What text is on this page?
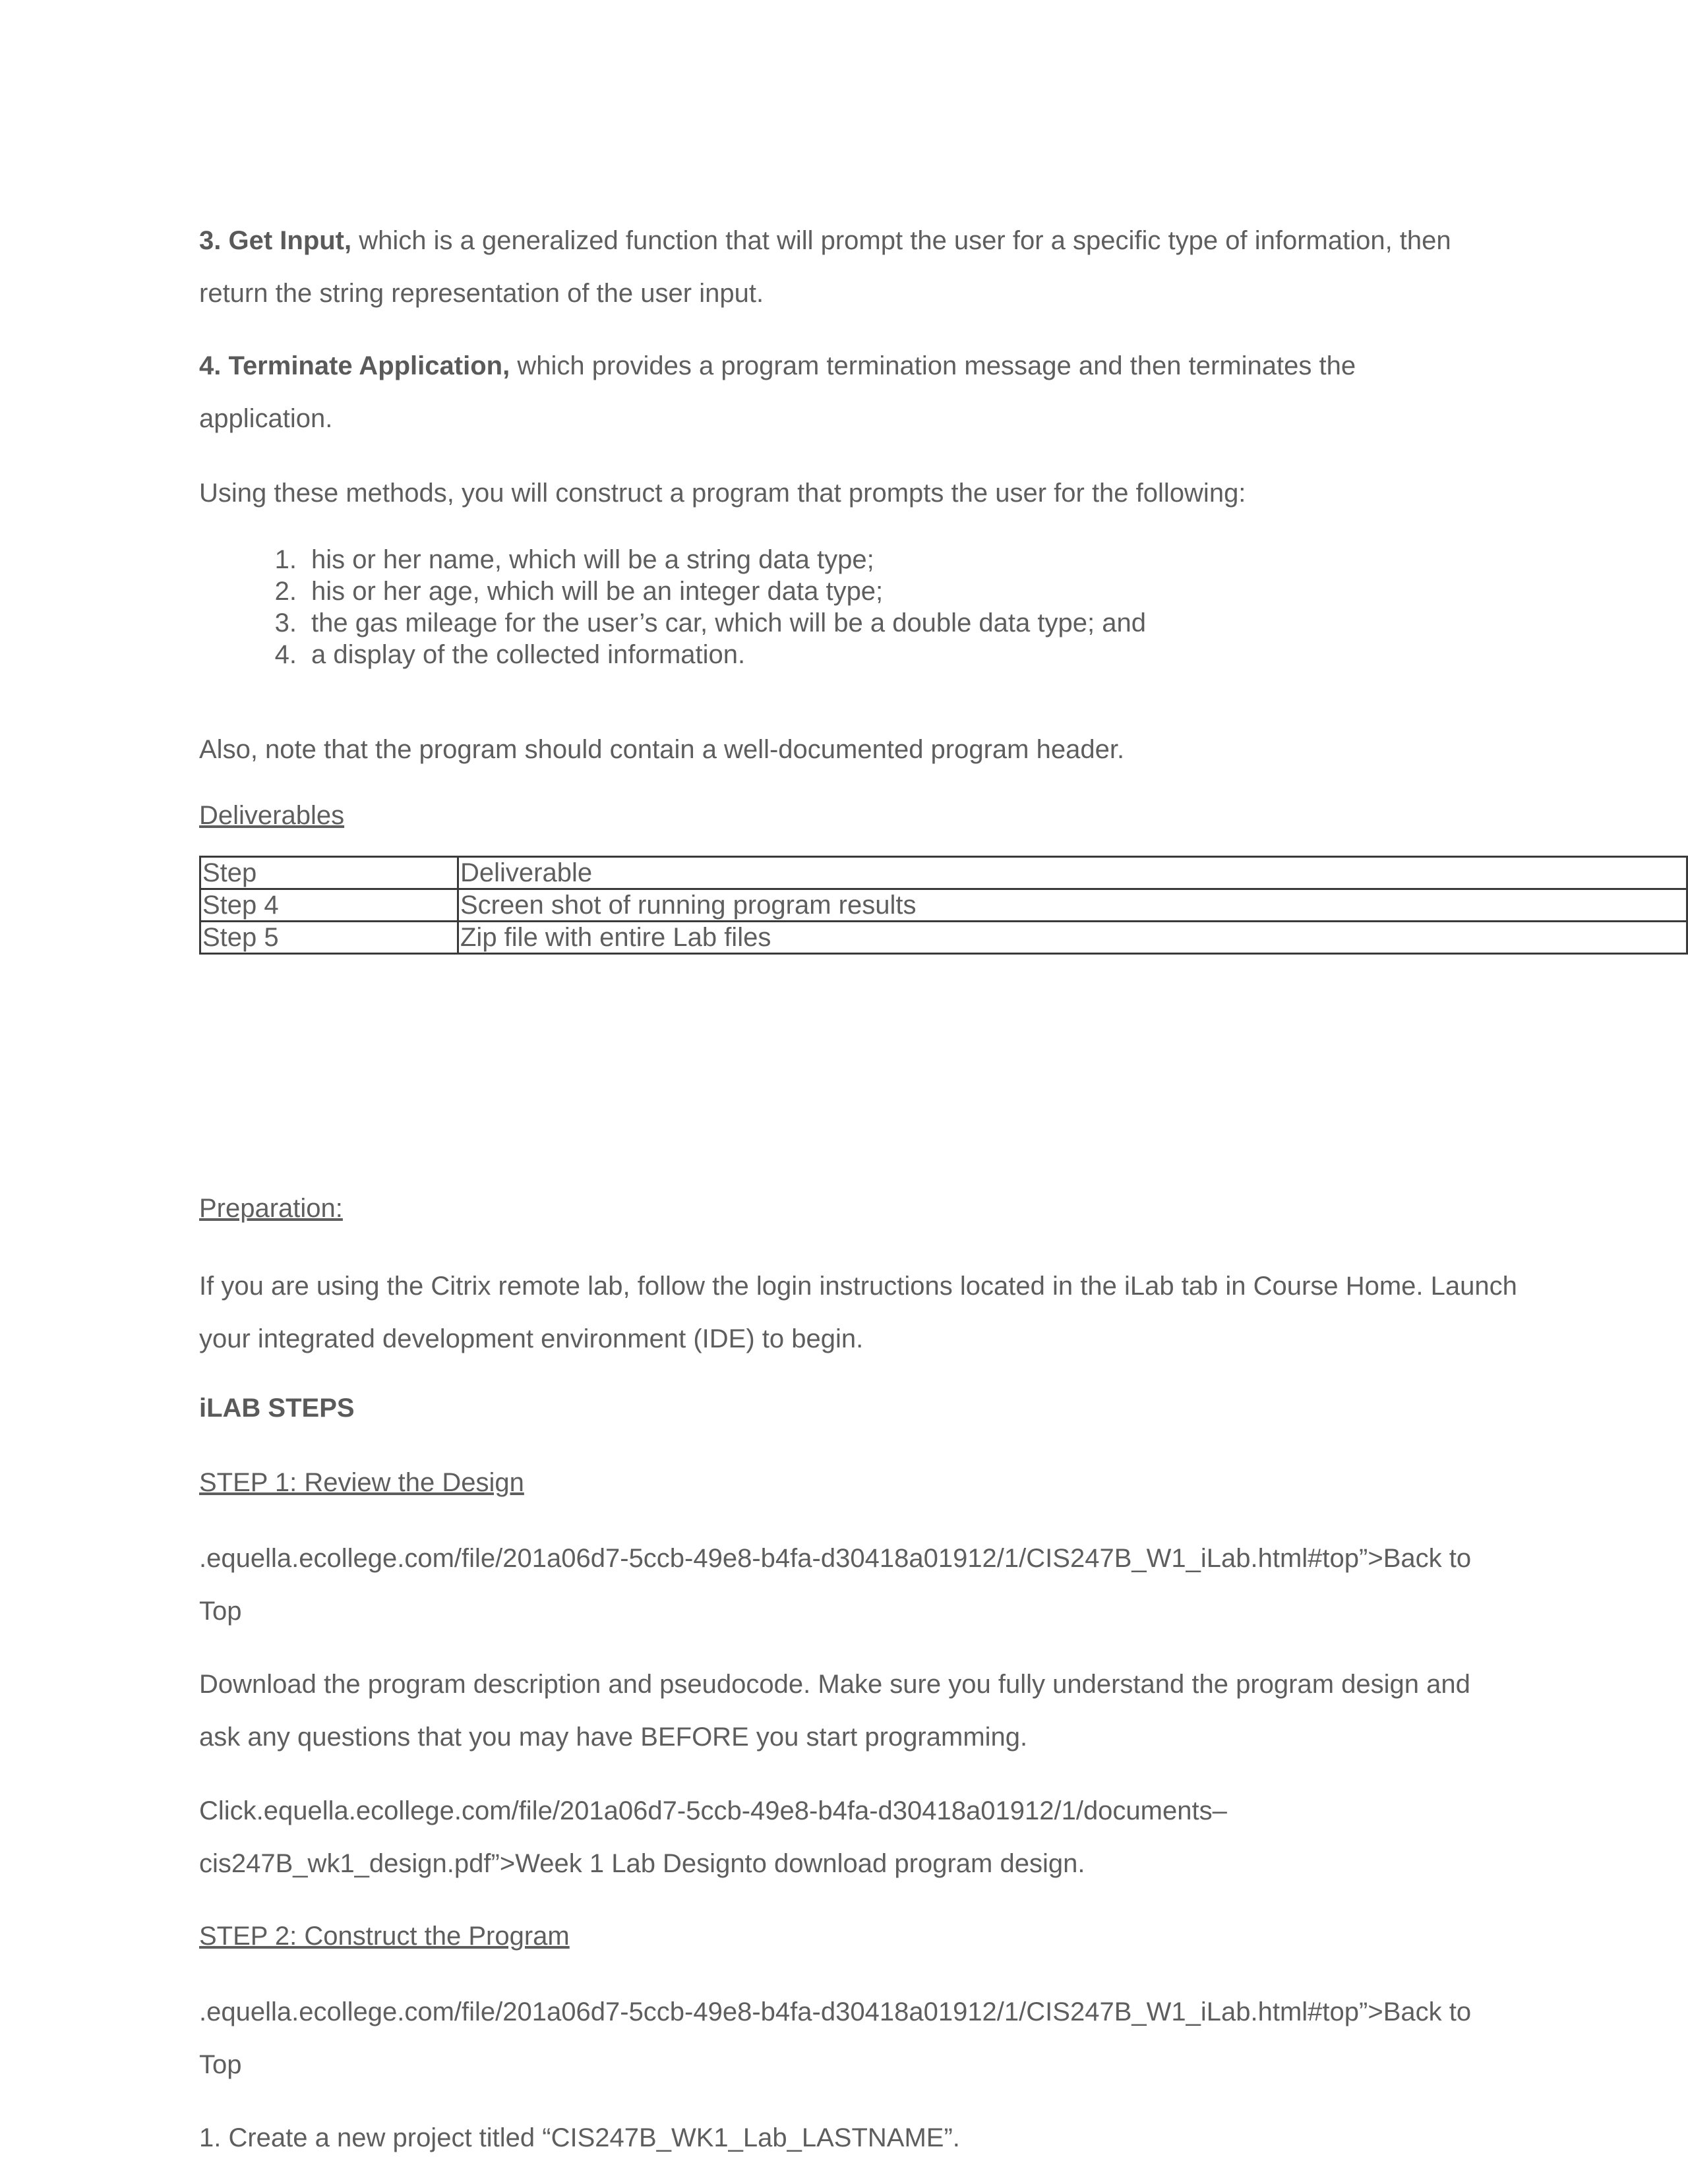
3. Get Input, which is a generalized function that will prompt the user for a specific type of information, then return the string representation of the user input.

4. Terminate Application, which provides a program termination message and then terminates the application.

Using these methods, you will construct a program that prompts the user for the following:

1. his or her name, which will be a string data type;
2. his or her age, which will be an integer data type;
3. the gas mileage for the user’s car, which will be a double data type; and
4. a display of the collected information.

Also, note that the program should contain a well-documented program header.

Deliverables

Step	Deliverable
Step 4	Screen shot of running program results
Step 5	Zip file with entire Lab files

Preparation:

If you are using the Citrix remote lab, follow the login instructions located in the iLab tab in Course Home. Launch your integrated development environment (IDE) to begin.

iLAB STEPS

STEP 1: Review the Design

.equella.ecollege.com/file/201a06d7-5ccb-49e8-b4fa-d30418a01912/1/CIS247B_W1_iLab.html#top”>Back to Top

Download the program description and pseudocode. Make sure you fully understand the program design and ask any questions that you may have BEFORE you start programming.

Click.equella.ecollege.com/file/201a06d7-5ccb-49e8-b4fa-d30418a01912/1/documents–cis247B_wk1_design.pdf”>Week 1 Lab Designto download program design.

STEP 2: Construct the Program

.equella.ecollege.com/file/201a06d7-5ccb-49e8-b4fa-d30418a01912/1/CIS247B_W1_iLab.html#top”>Back to Top

1. Create a new project titled “CIS247B_WK1_Lab_LASTNAME”.
